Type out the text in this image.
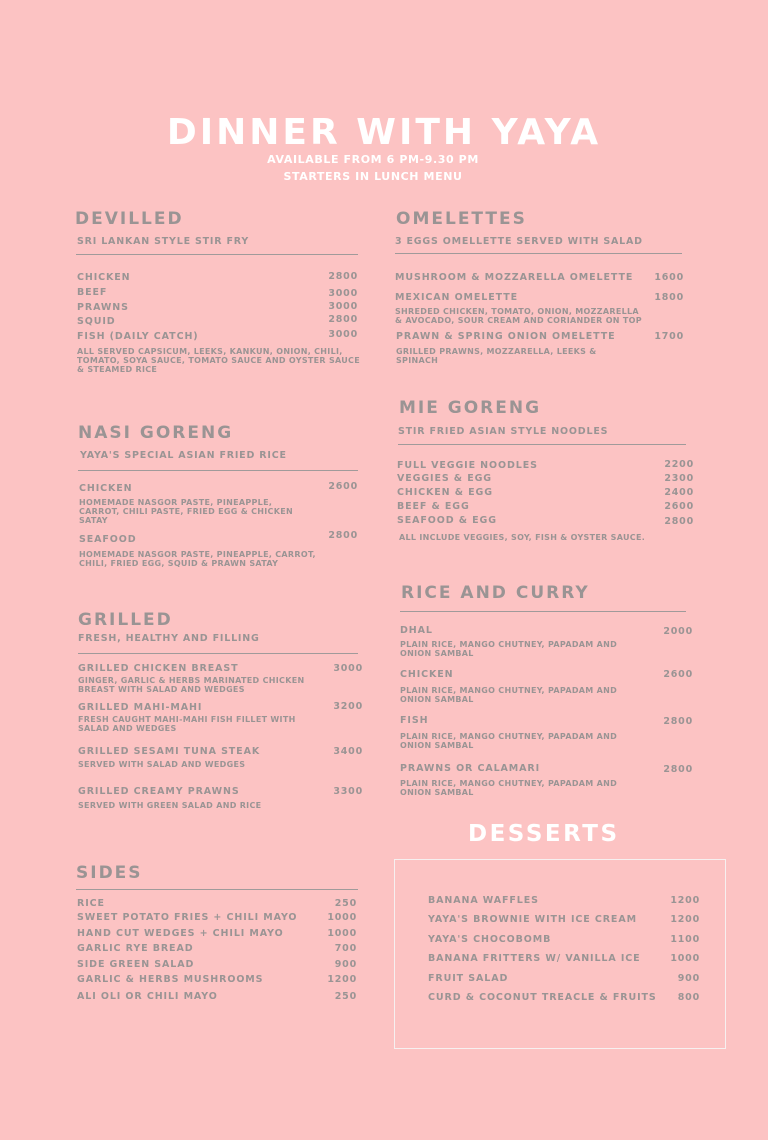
DINNER WITH YAYA
AVAILABLE FROM 6 PM-9.30 PM
STARTERS IN LUNCH MENU
DEVILLED
SRI LANKAN STYLE STIR FRY
CHICKEN	2800
BEEF	3000
PRAWNS	3000
SQUID	2800
FISH (DAILY CATCH)	3000
ALL SERVED CAPSICUM, LEEKS, KANKUN, ONION, CHILI,
TOMATO, SOYA SAUCE, TOMATO SAUCE AND OYSTER SAUCE
& STEAMED RICE
NASI GORENG
YAYA'S SPECIAL ASIAN FRIED RICE
CHICKEN	2600
HOMEMADE NASGOR PASTE, PINEAPPLE,
CARROT, CHILI PASTE, FRIED EGG & CHICKEN
SATAY
SEAFOOD	2800
HOMEMADE NASGOR PASTE, PINEAPPLE, CARROT,
CHILI, FRIED EGG, SQUID & PRAWN SATAY
GRILLED
FRESH, HEALTHY AND FILLING
GRILLED CHICKEN BREAST	3000
GINGER, GARLIC & HERBS MARINATED CHICKEN
BREAST WITH SALAD AND WEDGES
GRILLED MAHI-MAHI	3200
FRESH CAUGHT MAHI-MAHI FISH FILLET WITH
SALAD AND WEDGES
GRILLED SESAMI TUNA STEAK	3400
SERVED WITH SALAD AND WEDGES
GRILLED CREAMY PRAWNS	3300
SERVED WITH GREEN SALAD AND RICE
SIDES
RICE	250
SWEET POTATO FRIES + CHILI MAYO	1000
HAND CUT WEDGES + CHILI MAYO	1000
GARLIC RYE BREAD	700
SIDE GREEN SALAD	900
GARLIC & HERBS MUSHROOMS	1200
ALI OLI OR CHILI MAYO	250
OMELETTES
3 EGGS OMELLETTE SERVED WITH SALAD
MUSHROOM & MOZZARELLA OMELETTE	1600
MEXICAN OMELETTE	1800
SHREDED CHICKEN, TOMATO, ONION, MOZZARELLA
& AVOCADO, SOUR CREAM AND CORIANDER ON TOP
PRAWN & SPRING ONION OMELETTE	1700
GRILLED PRAWNS, MOZZARELLA, LEEKS &
SPINACH
MIE GORENG
STIR FRIED ASIAN STYLE NOODLES
FULL VEGGIE NOODLES	2200
VEGGIES & EGG	2300
CHICKEN & EGG	2400
BEEF & EGG	2600
SEAFOOD & EGG	2800
ALL INCLUDE VEGGIES, SOY, FISH & OYSTER SAUCE.
RICE AND CURRY
DHAL	2000
PLAIN RICE, MANGO CHUTNEY, PAPADAM AND
ONION SAMBAL
CHICKEN	2600
PLAIN RICE, MANGO CHUTNEY, PAPADAM AND
ONION SAMBAL
FISH	2800
PLAIN RICE, MANGO CHUTNEY, PAPADAM AND
ONION SAMBAL
PRAWNS OR CALAMARI	2800
PLAIN RICE, MANGO CHUTNEY, PAPADAM AND
ONION SAMBAL
DESSERTS
BANANA WAFFLES	1200
YAYA'S BROWNIE WITH ICE CREAM	1200
YAYA'S CHOCOBOMB	1100
BANANA FRITTERS W/ VANILLA ICE	1000
FRUIT SALAD	900
CURD & COCONUT TREACLE & FRUITS	800
